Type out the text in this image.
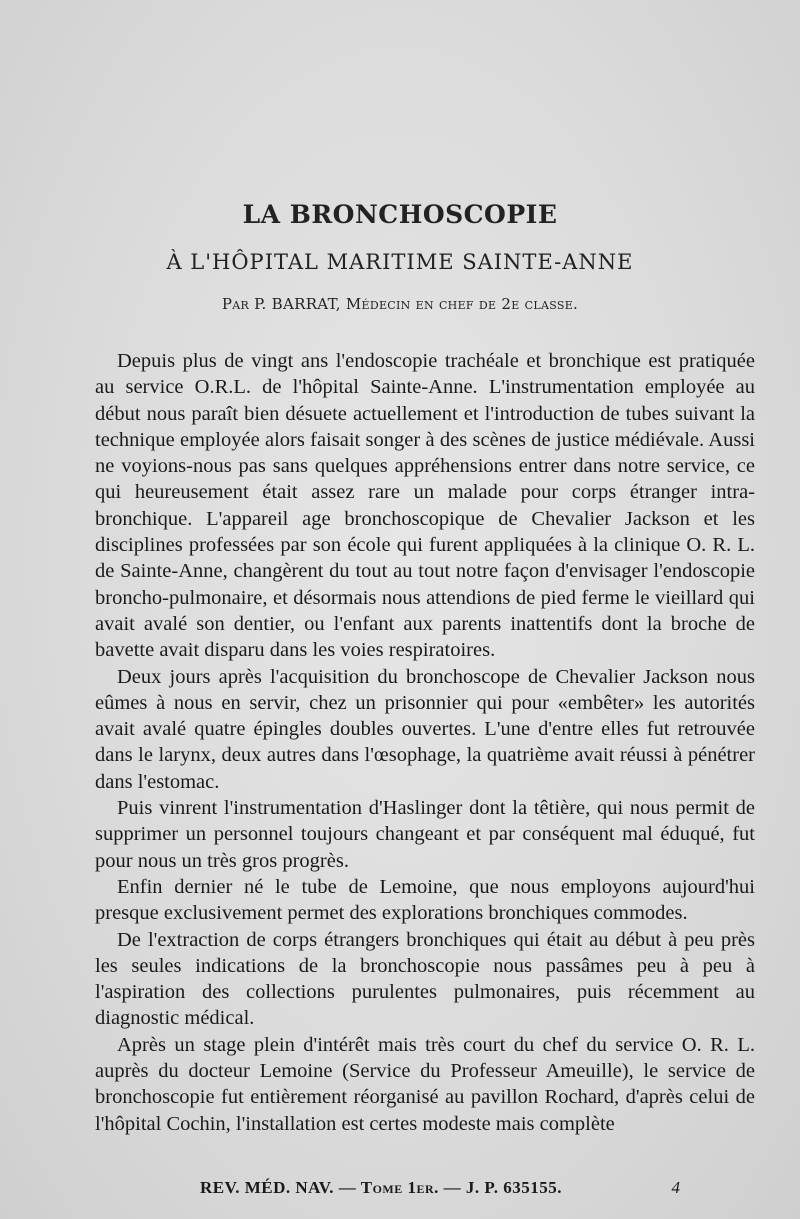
LA BRONCHOSCOPIE
À L'HÔPITAL MARITIME SAINTE-ANNE
Par P. BARRAT, Médecin en chef de 2e classe.

Depuis plus de vingt ans l'endoscopie trachéale et bronchique est pratiquée au service O.R.L. de l'hôpital Sainte-Anne. L'instrumentation employée au début nous paraît bien désuete actuellement et l'introduction de tubes suivant la technique employée alors faisait songer à des scènes de justice médiévale. Aussi ne voyions-nous pas sans quelques appréhensions entrer dans notre service, ce qui heureusement était assez rare un malade pour corps étranger intra-bronchique. L'appareil age bronchoscopique de Chevalier Jackson et les disciplines professées par son école qui furent appliquées à la clinique O. R. L. de Sainte-Anne, changèrent du tout au tout notre façon d'envisager l'endoscopie broncho-pulmonaire, et désormais nous attendions de pied ferme le vieillard qui avait avalé son dentier, ou l'enfant aux parents inattentifs dont la broche de bavette avait disparu dans les voies respiratoires.

Deux jours après l'acquisition du bronchoscope de Chevalier Jackson nous eûmes à nous en servir, chez un prisonnier qui pour «embêter» les autorités avait avalé quatre épingles doubles ouvertes. L'une d'entre elles fut retrouvée dans le larynx, deux autres dans l'œsophage, la quatrième avait réussi à pénétrer dans l'estomac.

Puis vinrent l'instrumentation d'Haslinger dont la têtière, qui nous permit de supprimer un personnel toujours changeant et par conséquent mal éduqué, fut pour nous un très gros progrès.

Enfin dernier né le tube de Lemoine, que nous employons aujourd'hui presque exclusivement permet des explorations bronchiques commodes.

De l'extraction de corps étrangers bronchiques qui était au début à peu près les seules indications de la bronchoscopie nous passâmes peu à peu à l'aspiration des collections purulentes pulmonaires, puis récemment au diagnostic médical.

Après un stage plein d'intérêt mais très court du chef du service O. R. L. auprès du docteur Lemoine (Service du Professeur Ameuille), le service de bronchoscopie fut entièrement réorganisé au pavillon Rochard, d'après celui de l'hôpital Cochin, l'installation est certes modeste mais complète

REV. MÉD. NAV. — Tome 1er. — J. P. 635155.	4
